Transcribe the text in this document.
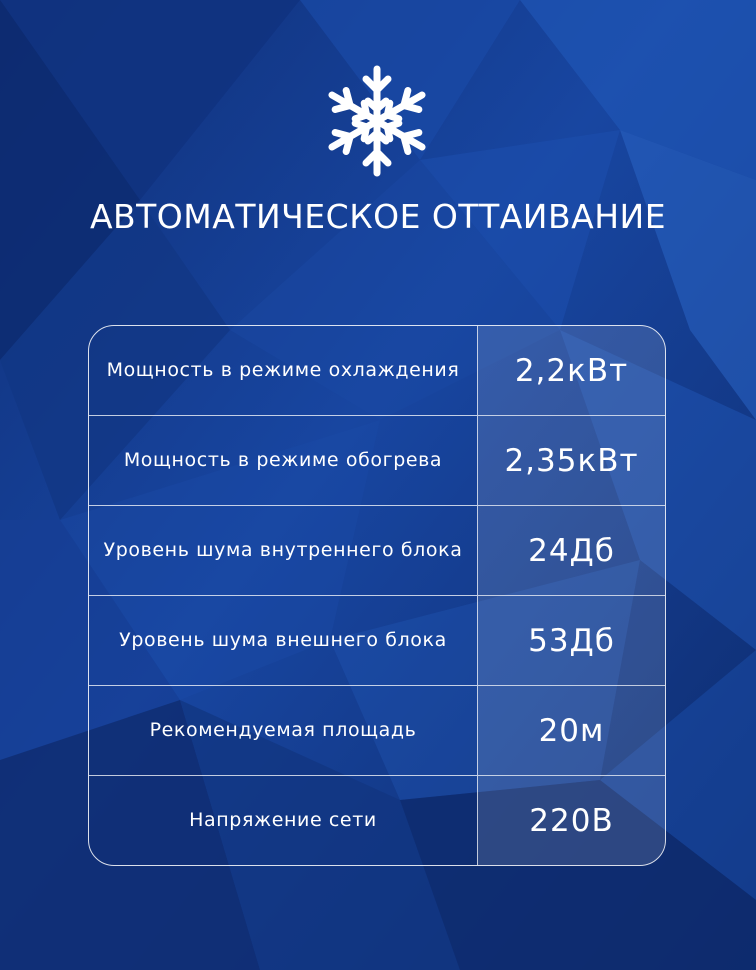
АВТОМАТИЧЕСКОЕ ОТТАИВАНИЕ
Мощность в режиме охлаждения	2,2кВт
Мощность в режиме обогрева	2,35кВт
Уровень шума внутреннего блока	24Дб
Уровень шума внешнего блока	53Дб
Рекомендуемая площадь	20м
Напряжение сети	220В
